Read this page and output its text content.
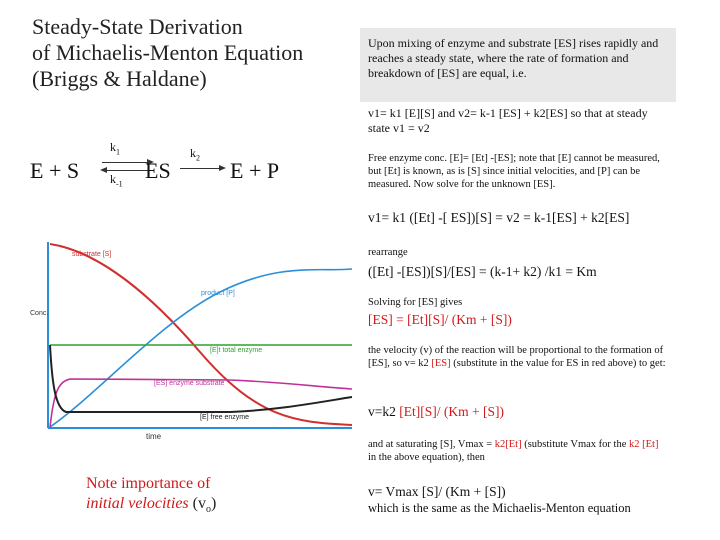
Steady-State Derivation
of Michaelis-Menton Equation
(Briggs & Haldane)
E + S
$k_1$
$k_{-1}$
ES
$k_2$
E + P
substrate [S]
product [P]
Conc.
[E]t total enzyme
[ES] enzyme substrate
[E] free enzyme
time
Note importance of
initial velocities $(v_o)$
Upon mixing of enzyme and substrate [ES] rises rapidly and reaches a steady state, where the rate of formation and breakdown of [ES] are equal, i.e.
v1= k1 [E][S] and v2= k-1 [ES] + k2[ES] so that at steady state v1 = v2
Free enzyme conc. [E]= [Et] -[ES]; note that [E] cannot be measured, but [Et] is known, as is [S] since initial velocities, and [P] can be measured. Now solve for the unknown [ES].
v1= k1 ([Et] -[ ES])[S] = v2 = k-1[ES] + k2[ES]
rearrange
([Et] -[ES])[S]/[ES] = (k-1+ k2) /k1 = Km
Solving for [ES] gives
[ES] = [Et][S]/ (Km + [S])
the velocity (v) of the reaction will be proportional to the formation of [ES], so v= k2 [ES] (substitute in the value for ES in red above) to get:
v=k2 [Et][S]/ (Km + [S])
and at saturating [S], Vmax = k2[Et] (substitute Vmax for the k2 [Et] in the above equation), then
v= Vmax [S]/ (Km + [S])
which is the same as the Michaelis-Menton equation
